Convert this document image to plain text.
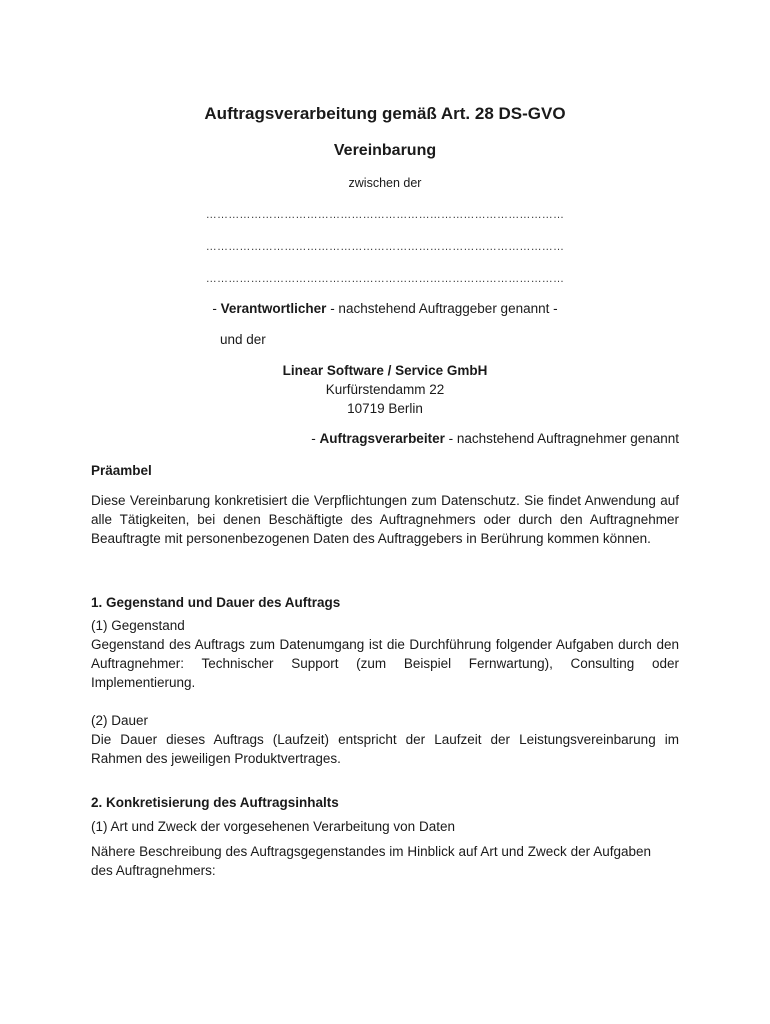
Auftragsverarbeitung gemäß Art. 28 DS-GVO
Vereinbarung

zwischen der

……………………………………………………………………………………

……………………………………………………………………………………

……………………………………………………………………………………

- Verantwortlicher - nachstehend Auftraggeber genannt -

und der

Linear Software / Service GmbH

Kurfürstendamm 22

10719 Berlin

- Auftragsverarbeiter - nachstehend Auftragnehmer genannt

Präambel

Diese Vereinbarung konkretisiert die Verpflichtungen zum Datenschutz. Sie findet Anwendung auf alle Tätigkeiten, bei denen Beschäftigte des Auftragnehmers oder durch den Auftragnehmer Beauftragte mit personenbezogenen Daten des Auftraggebers in Berührung kommen können.

1. Gegenstand und Dauer des Auftrags

(1) Gegenstand

Gegenstand des Auftrags zum Datenumgang ist die Durchführung folgender Aufgaben durch den Auftragnehmer: Technischer Support (zum Beispiel Fernwartung), Consulting oder Implementierung.

(2) Dauer

Die Dauer dieses Auftrags (Laufzeit) entspricht der Laufzeit der Leistungsvereinbarung im Rahmen des jeweiligen Produktvertrages.

2. Konkretisierung des Auftragsinhalts

(1) Art und Zweck der vorgesehenen Verarbeitung von Daten

Nähere Beschreibung des Auftragsgegenstandes im Hinblick auf Art und Zweck der Aufgaben des Auftragnehmers:
